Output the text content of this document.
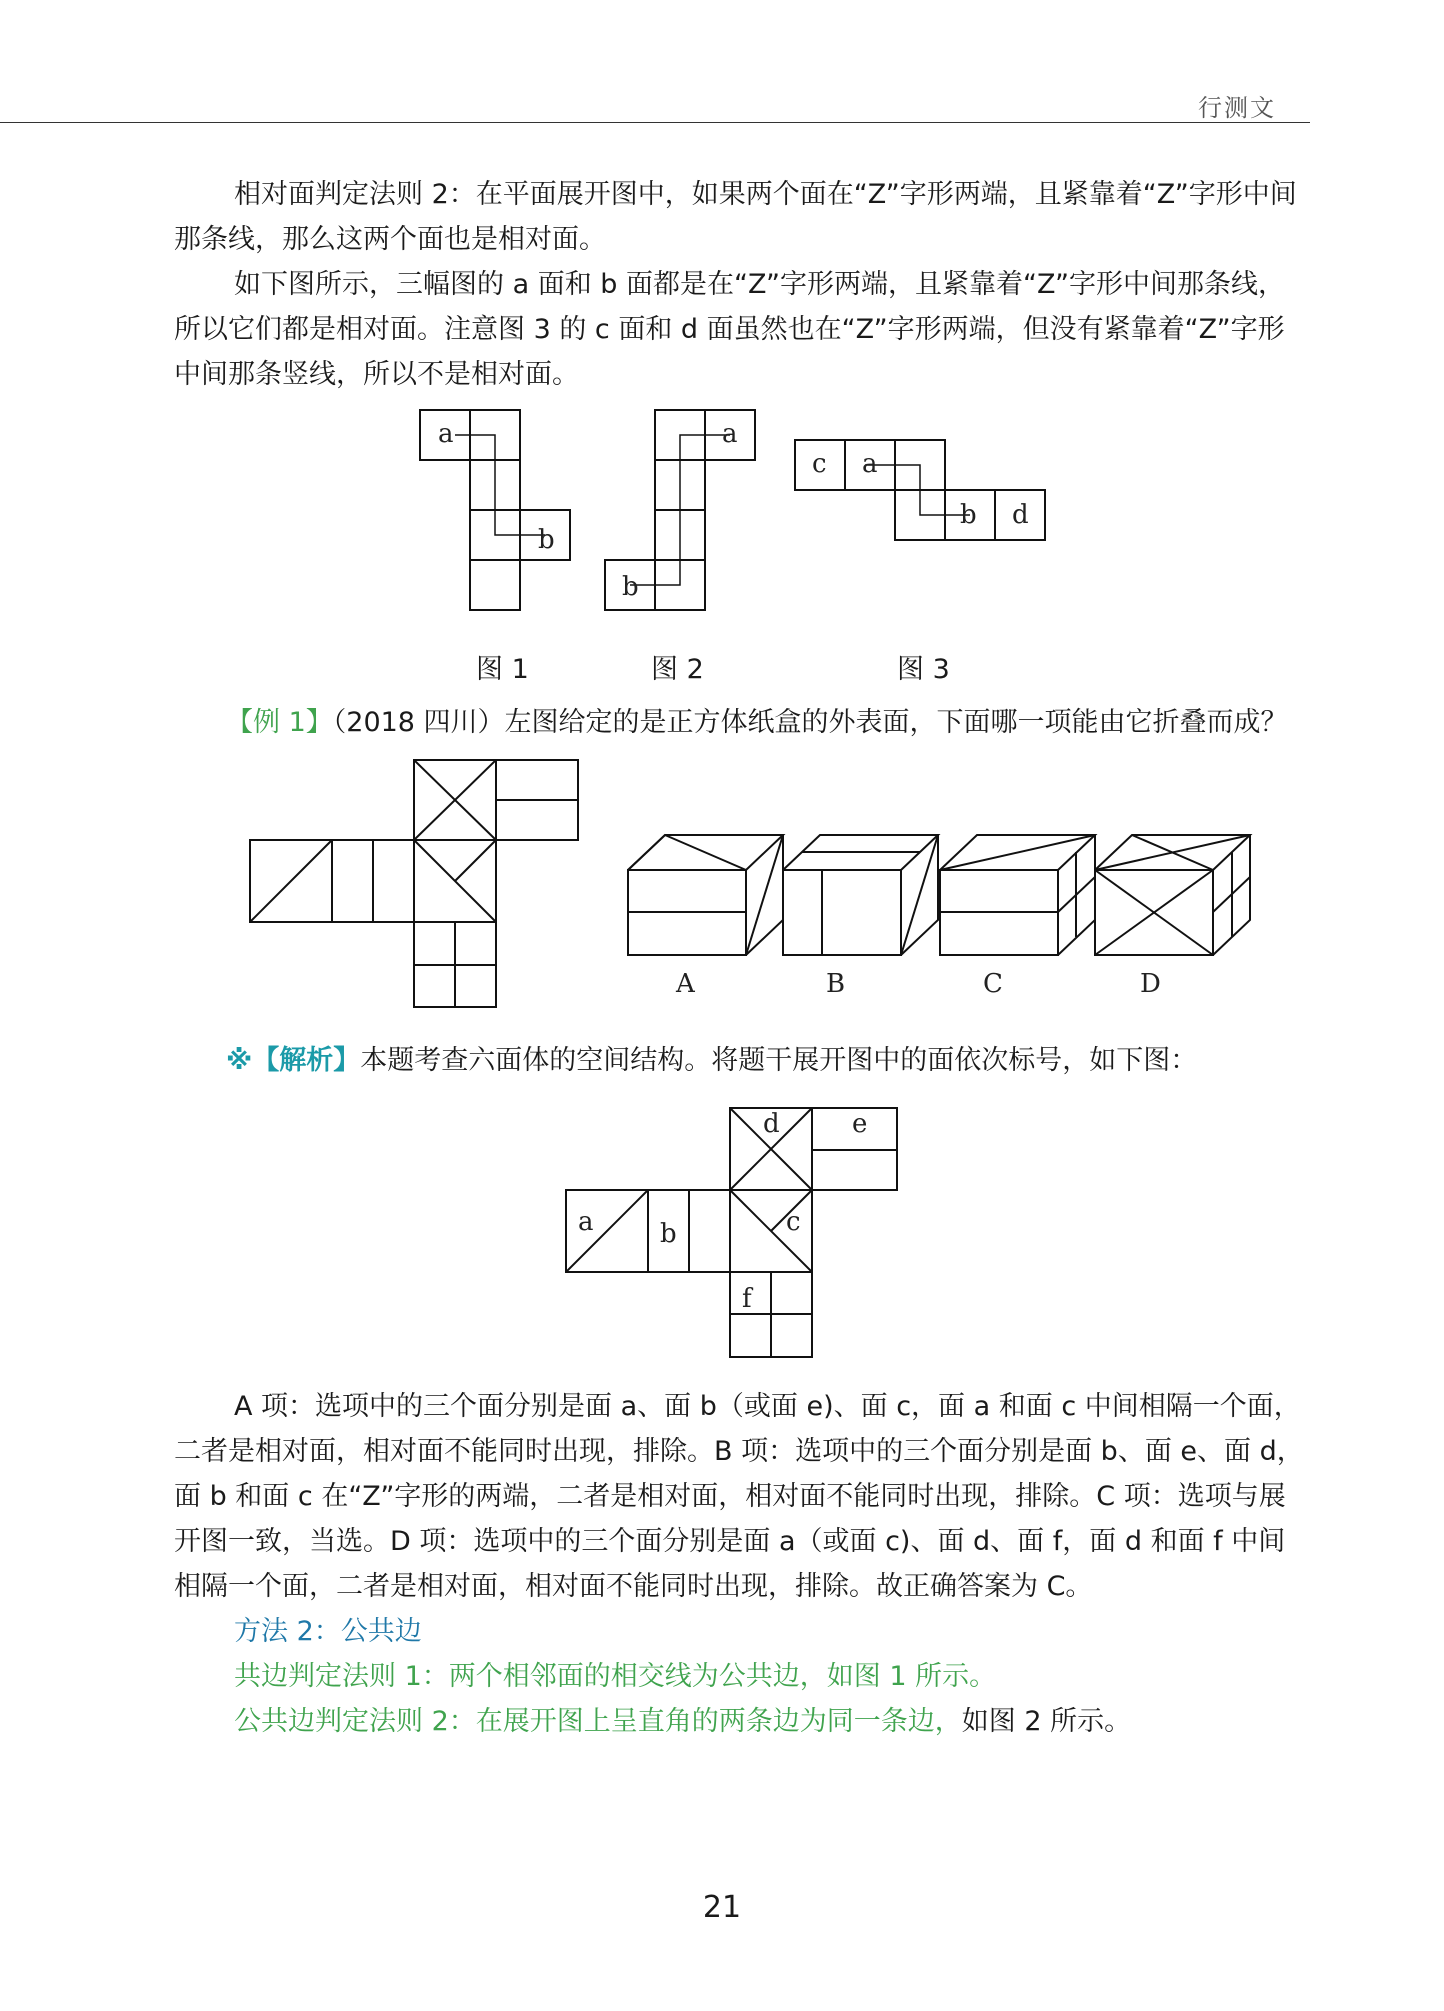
行测文

相对面判定法则 2：在平面展开图中，如果两个面在“Z”字形两端，且紧靠着“Z”字形中间那条线，那么这两个面也是相对面。

如下图所示，三幅图的 a 面和 b 面都是在“Z”字形两端，且紧靠着“Z”字形中间那条线，所以它们都是相对面。注意图 3 的 c 面和 d 面虽然也在“Z”字形两端，但没有紧靠着“Z”字形中间那条竖线，所以不是相对面。

a
b
a
b
c a
b d
图 1	图 2	图 3

【例 1】（2018 四川）左图给定的是正方体纸盒的外表面，下面哪一项能由它折叠而成？

A	B	C	D

※【解析】本题考查六面体的空间结构。将题干展开图中的面依次标号，如下图：

a	b	c
d	e
f

A 项：选项中的三个面分别是面 a、面 b（或面 e)、面 c，面 a 和面 c 中间相隔一个面，二者是相对面，相对面不能同时出现，排除。B 项：选项中的三个面分别是面 b、面 e、面 d，面 b 和面 c 在“Z”字形的两端，二者是相对面，相对面不能同时出现，排除。C 项：选项与展开图一致，当选。D 项：选项中的三个面分别是面 a（或面 c)、面 d、面 f，面 d 和面 f 中间相隔一个面，二者是相对面，相对面不能同时出现，排除。故正确答案为 C。

方法 2：公共边

共边判定法则 1：两个相邻面的相交线为公共边，如图 1 所示。

公共边判定法则 2：在展开图上呈直角的两条边为同一条边，如图 2 所示。

21
